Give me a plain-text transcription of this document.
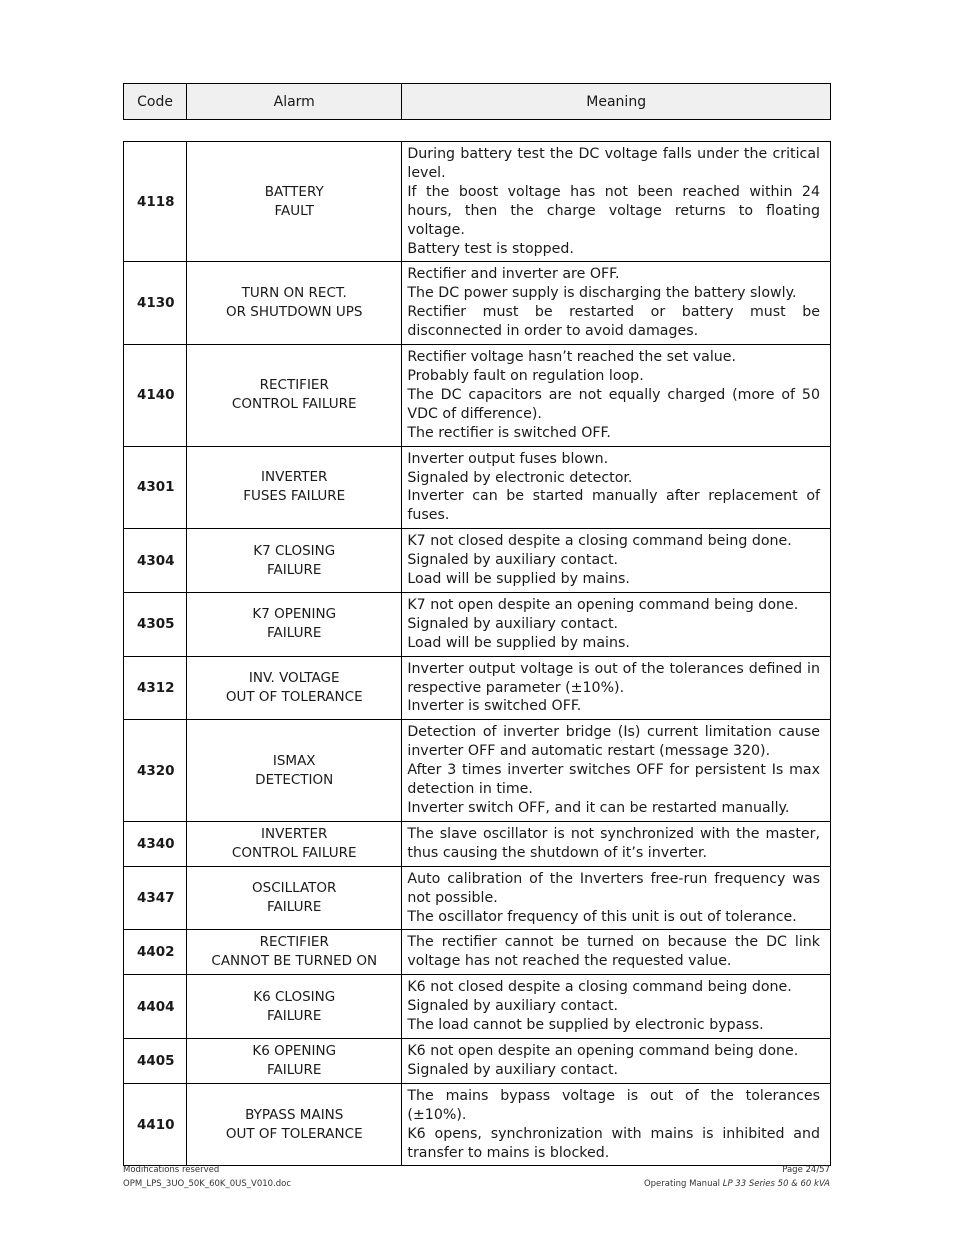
Code	Alarm	Meaning
4118	BATTERY
FAULT	During battery test the DC voltage falls under the critical level.
If the boost voltage has not been reached within 24 hours, then the charge voltage returns to floating voltage.
Battery test is stopped.

4130	TURN ON RECT.
OR SHUTDOWN UPS	Rectifier and inverter are OFF.
The DC power supply is discharging the battery slowly.
Rectifier must be restarted or battery must be disconnected in order to avoid damages.

4140	RECTIFIER
CONTROL FAILURE	Rectifier voltage hasn’t reached the set value.
Probably fault on regulation loop.
The DC capacitors are not equally charged (more of 50 VDC of difference).
The rectifier is switched OFF.

4301	INVERTER
FUSES FAILURE	Inverter output fuses blown.
Signaled by electronic detector.
Inverter can be started manually after replacement of fuses.

4304	K7 CLOSING
FAILURE	K7 not closed despite a closing command being done.
Signaled by auxiliary contact.
Load will be supplied by mains.

4305	K7 OPENING
FAILURE	K7 not open despite an opening command being done.
Signaled by auxiliary contact.
Load will be supplied by mains.

4312	INV. VOLTAGE
OUT OF TOLERANCE	Inverter output voltage is out of the tolerances defined in respective parameter (±10%).
Inverter is switched OFF.

4320	ISMAX
DETECTION	Detection of inverter bridge (Is) current limitation cause inverter OFF and automatic restart (message 320).
After 3 times inverter switches OFF for persistent Is max detection in time.
Inverter switch OFF, and it can be restarted manually.

4340	INVERTER
CONTROL FAILURE	The slave oscillator is not synchronized with the master, thus causing the shutdown of it’s inverter.

4347	OSCILLATOR
FAILURE	Auto calibration of the Inverters free-run frequency was not possible.
The oscillator frequency of this unit is out of tolerance.

4402	RECTIFIER
CANNOT BE TURNED ON	The rectifier cannot be turned on because the DC link voltage has not reached the requested value.

4404	K6 CLOSING
FAILURE	K6 not closed despite a closing command being done.
Signaled by auxiliary contact.
The load cannot be supplied by electronic bypass.

4405	K6 OPENING
FAILURE	K6 not open despite an opening command being done.
Signaled by auxiliary contact.

4410	BYPASS MAINS
OUT OF TOLERANCE	The mains bypass voltage is out of the tolerances (±10%).
K6 opens, synchronization with mains is inhibited and transfer to mains is blocked.
Modifications reserved
OPM_LPS_3UO_50K_60K_0US_V010.doc
Page 24/57
Operating Manual LP 33 Series 50 & 60 kVA
